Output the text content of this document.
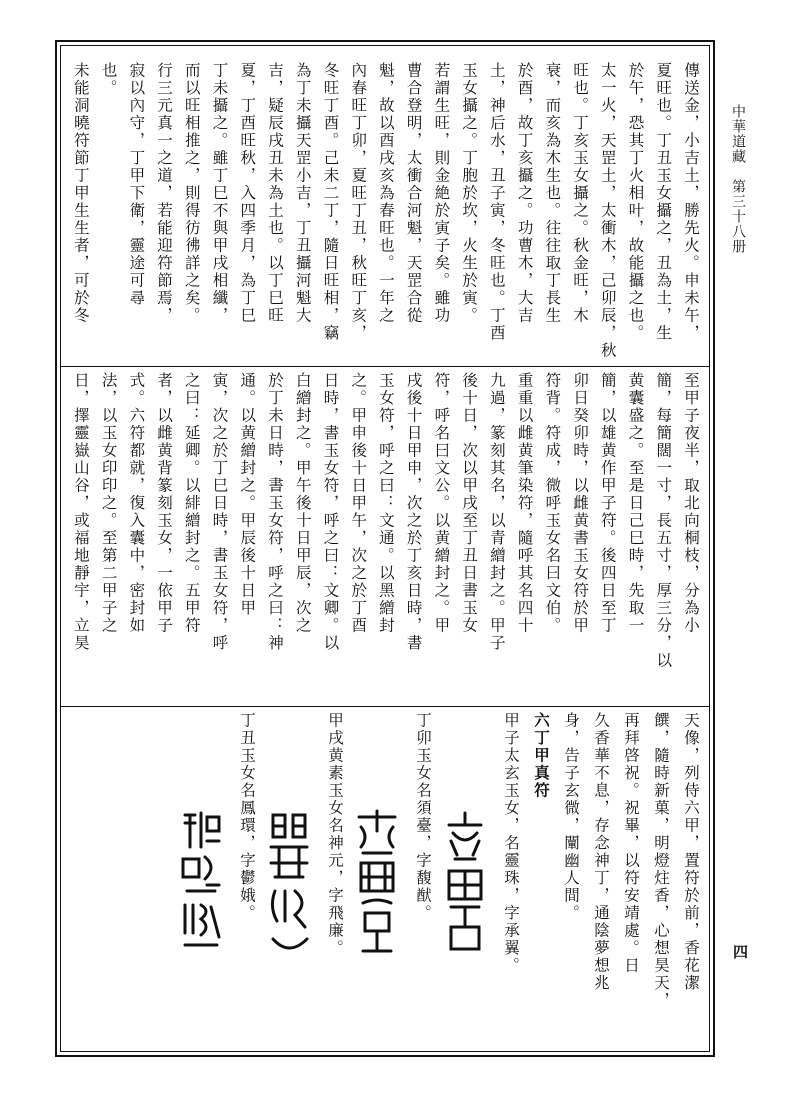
中華道藏　第三十八册
四
傳送金，小吉土，勝先火。申未午，
夏旺也。丁丑玉女攝之，丑為土，生
於午，恐其丁火相叶，故能攝之也。
太一火，天罡土，太衝木，己卯辰，秋
旺也。丁亥玉女攝之。秋金旺，木
衰，而亥為木生也。往往取丁長生
於酉，故丁亥攝之。功曹木，大吉
土，神后水，丑子寅，冬旺也。丁酉
玉女攝之。丁胞於坎，火生於寅。
若謂生旺，則金絶於寅子矣。雖功
曹合登明，太衝合河魁，天罡合從
魁，故以酉戌亥為春旺也。一年之
內春旺丁卯，夏旺丁丑，秋旺丁亥，
冬旺丁酉。己未二丁，隨日旺相，竊
為丁未攝天罡小吉，丁丑攝河魁大
吉，疑辰戌丑未為土也。以丁巳旺
夏，丁酉旺秋，入四季月，為丁巳
丁未攝之。雖丁巳不與甲戌相纖，
而以旺相推之，則得彷彿詳之矣。
行三元真一之道，若能迎符節焉，
寂以內守，丁甲下衛，靈途可尋
也。
未能洞曉符節丁甲生生者，可於冬
至甲子夜半，取北向桐枝，分為小
簡，每簡闊一寸，長五寸，厚三分，以
黄囊盛之。至是日己巳時，先取一
簡，以雄黄作甲子符。後四日至丁
卯日癸卯時，以雌黄書玉女符於甲
符背。符成，微呼玉女名曰文伯。
重重以雌黄筆染符，隨呼其名四十
九過，篆刻其名，以青繒封之。甲子
後十日，次以甲戌至丁丑日書玉女
符，呼名曰文公。以黄繒封之。甲
戌後十日甲申，次之於丁亥日時，書
玉女符，呼之曰：文通。以黑繒封
之。甲申後十日甲午，次之於丁酉
日時，書玉女符，呼之曰：文卿。以
白繒封之。甲午後十日甲辰，次之
於丁未日時，書玉女符，呼之曰：神
通。以黄繒封之。甲辰後十日甲
寅，次之於丁巳日時，書玉女符，呼
之曰：延卿。以緋繒封之。五甲符
者，以雌黄背篆刻玉女，一依甲子
式。六符都就，復入囊中，密封如
法，以玉女印印之。至第二甲子之
日，擇靈嶽山谷，或福地靜宇，立昊
天像，列侍六甲，置符於前，香花潔
饌，隨時新菓，明燈炷香，心想昊天，
再拜啓祝。祝畢，以符安靖處。日
久香華不息，存念神丁，通陰夢想兆
身，告子玄微，闡幽人間。
六丁甲真符
甲子太玄玉女，名靈珠，字承翼。
丁卯玉女名須臺，字馥猷。
甲戌黄素玉女名神元，字飛廉。
丁丑玉女名鳳環，字鬱娥。
